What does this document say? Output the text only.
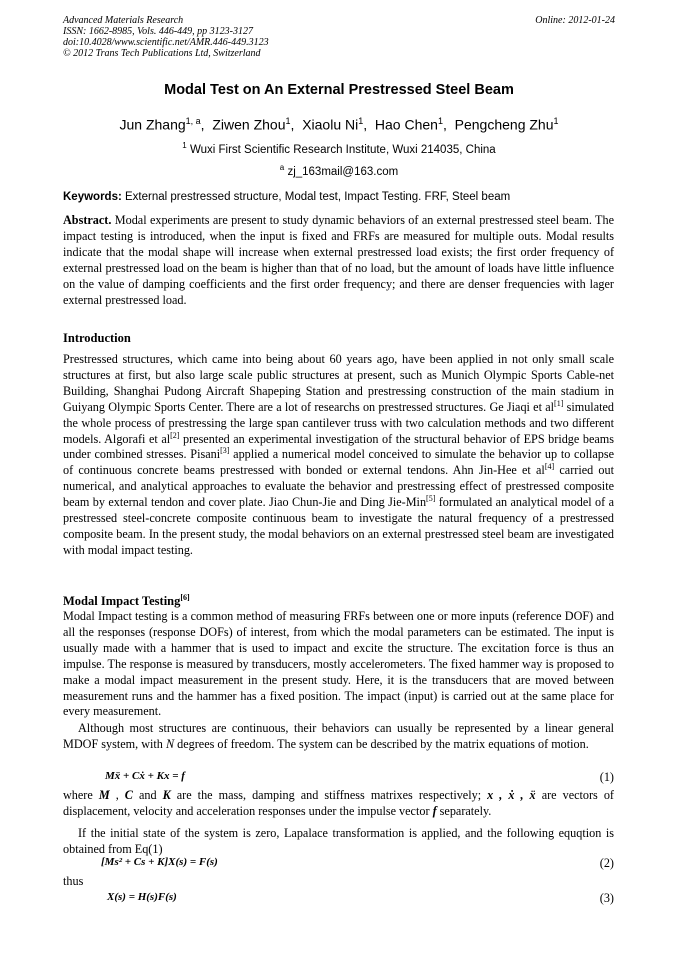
Advanced Materials Research
ISSN: 1662-8985, Vols. 446-449, pp 3123-3127
doi:10.4028/www.scientific.net/AMR.446-449.3123
© 2012 Trans Tech Publications Ltd, Switzerland
Online: 2012-01-24
Modal Test on An External Prestressed Steel Beam
Jun Zhang$^{1, a}$,  Ziwen Zhou$^1$,  Xiaolu Ni$^1$,  Hao Chen$^1$,  Pengcheng Zhu$^1$
$^1$ Wuxi First Scientific Research Institute, Wuxi 214035, China
$^a$ zj_163mail@163.com
Keywords: External prestressed structure, Modal test, Impact Testing. FRF, Steel beam
Abstract. Modal experiments are present to study dynamic behaviors of an external prestressed steel beam. The impact testing is introduced, when the input is fixed and FRFs are measured for multiple outs. Modal results indicate that the modal shape will increase when external prestressed load exists; the first order frequency of external prestressed load on the beam is higher than that of no load, but the amount of loads have little influence on the value of damping coefficients and the first order frequency; and there are denser frequencies with lager external prestressed load.
Introduction
Prestressed structures, which came into being about 60 years ago, have been applied in not only small scale structures at first, but also large scale public structures at present, such as Munich Olympic Sports Cable-net Building, Shanghai Pudong Aircraft Shapeping Station and prestressing construction of the main stadium in Guiyang Olympic Sports Center. There are a lot of researchs on prestressed structures. Ge Jiaqi et al[1] simulated the whole process of prestressing the large span cantilever truss with two calculation methods and two different models. Algorafi et al[2] presented an experimental investigation of the structural behavior of EPS bridge beams under combined stresses. Pisani[3] applied a numerical model conceived to simulate the behavior up to collapse of continuous concrete beams prestressed with bonded or external tendons. Ahn Jin-Hee et al[4] carried out numerical, and analytical approaches to evaluate the behavior and prestressing effect of prestressed composite beam by external tendon and cover plate. Jiao Chun-Jie and Ding Jie-Min[5] formulated an analytical model of a prestressed steel-concrete composite continuous beam to investigate the natural frequency of a prestressed composite beam. In the present study, the modal behaviors on an external prestressed steel beam are investigated with modal impact testing.
Modal Impact Testing[6]
Modal Impact testing is a common method of measuring FRFs between one or more inputs (reference DOF) and all the responses (response DOFs) of interest, from which the modal parameters can be estimated. The input is usually made with a hammer that is used to impact and excite the structure. The excitation force is thus an impulse. The response is measured by transducers, mostly accelerometers. The fixed hammer way is proposed to make a modal impact measurement in the present study. Here, it is the transducers that are moved between measurement runs and the hammer has a fixed position. The impact (input) is carried out at the same place for every measurement.
Although most structures are continuous, their behaviors can usually be represented by a linear general MDOF system, with N degrees of freedom. The system can be described by the matrix equations of motion.
Mẍ + Cẋ + Kx = f	(1)
where M , C and K are the mass, damping and stiffness matrixes respectively; x , ẋ , ẍ are vectors of displacement, velocity and acceleration responses under the impulse vector f separately.
If the initial state of the system is zero, Lapalace transformation is applied, and the following equqtion is obtained from Eq(1)
[Ms² + Cs + K]X(s) = F(s)	(2)
thus
X(s) = H(s)F(s)	(3)
